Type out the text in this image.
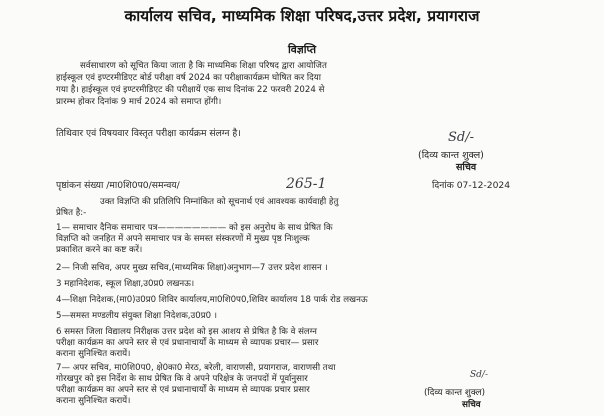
कार्यालय सचिव, माध्यमिक शिक्षा परिषद,उत्तर प्रदेश, प्रयागराज
विज्ञप्ति
सर्वसाधारण को सूचित किया जाता है कि माध्यमिक शिक्षा परिषद द्वारा आयोजित
हाईस्कूल एवं इण्टरमीडिएट बोर्ड परीक्षा वर्ष 2024 का परीक्षाकार्यक्रम घोषित कर दिया
गया है। हाईस्कूल एवं इण्टरमीडिएट की परीक्षायें एक साथ दिनांक 22 फरवरी 2024 से
प्रारम्भ होकर दिनांक 9 मार्च 2024 को समाप्त होंगी।
तिथिवार एवं विषयवार विस्तृत परीक्षा कार्यक्रम संलग्न है।	Sd/-
(दिव्य कान्त शुक्ल)
सचिव
पृष्ठांकन संख्या /मा0शि0प0/समन्वय/	265-1	दिनांक 07-12-2024
उक्त विज्ञप्ति की प्रतिलिपि निम्नांकित को सूचनार्थ एवं आवश्यक कार्यवाही हेतु
प्रेषित है:-
1— समाचार दैनिक समाचार पत्र———————— को इस अनुरोध के साथ प्रेषित कि
विज्ञप्ति को जनहित में अपने समाचार पत्र के समस्त संस्करणों में मुख्य पृष्ठ निःशुल्क
प्रकाशित करने का कष्ट करें।
2— निजी सचिव, अपर मुख्य सचिव,(माध्यमिक शिक्षा)अनुभाग—7 उत्तर प्रदेश शासन ।
3 महानिदेशक, स्कूल शिक्षा,उ0प्र0 लखनऊ।
4—शिक्षा निदेशक,(मा0)उ0प्र0 शिविर कार्यालय,मा0शि0प0,शिविर कार्यालय 18 पार्क रोड लखनऊ
5—समस्त मण्डलीय संयुक्त शिक्षा निदेशक,उ0प्र0 ।
6 समस्त जिला विद्यालय निरीक्षक उत्तर प्रदेश को इस आशय से प्रेषित है कि वे संलग्न
परीक्षा कार्यक्रम का अपने स्तर से एवं प्रधानाचार्यों के माध्यम से व्यापक प्रचार— प्रसार
कराना सुनिश्चित करायें।
7— अपर सचिव, मा0शि0प0, क्षे0का0 मेरठ, बरेली, वाराणसी, प्रयागराज, वाराणसी तथा
गोरखपुर को इस निर्देश के साथ प्रेषित कि वे अपने परिक्षेत्र के जनपदों में पूर्वानुसार
परीक्षा कार्यक्रम का अपने स्तर से एवं प्रधानाचार्यों के माध्यम से व्यापक प्रचार प्रसार
कराना सुनिश्चित करायें।
Sd/-
(दिव्य कान्त शुक्ल)
सचिव
